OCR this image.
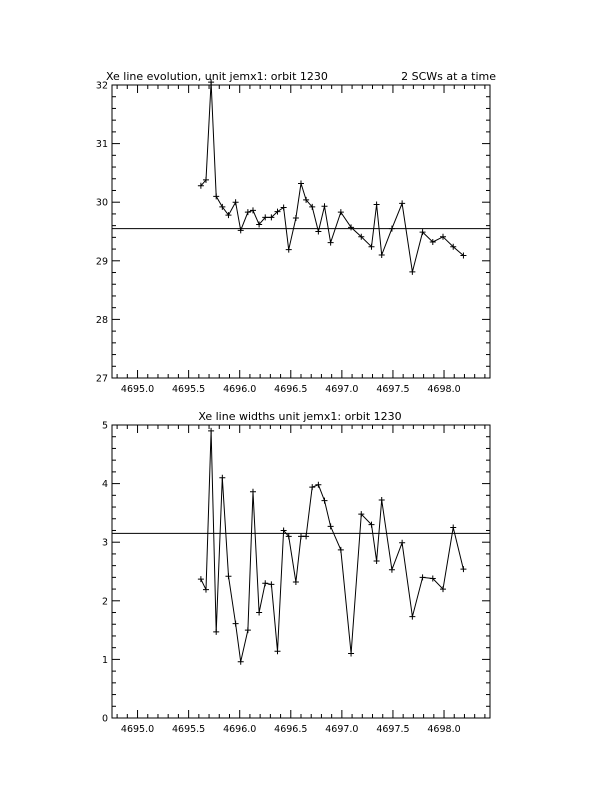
Xe line evolution, unit jemx1: orbit 1230	2 SCWs at a time
4695.0 4695.5 4696.0 4696.5 4697.0 4697.5 4698.0
27
28
29
30
31
32
Xe line widths unit jemx1: orbit 1230
4695.0 4695.5 4696.0 4696.5 4697.0 4697.5 4698.0
0
1
2
3
4
5
